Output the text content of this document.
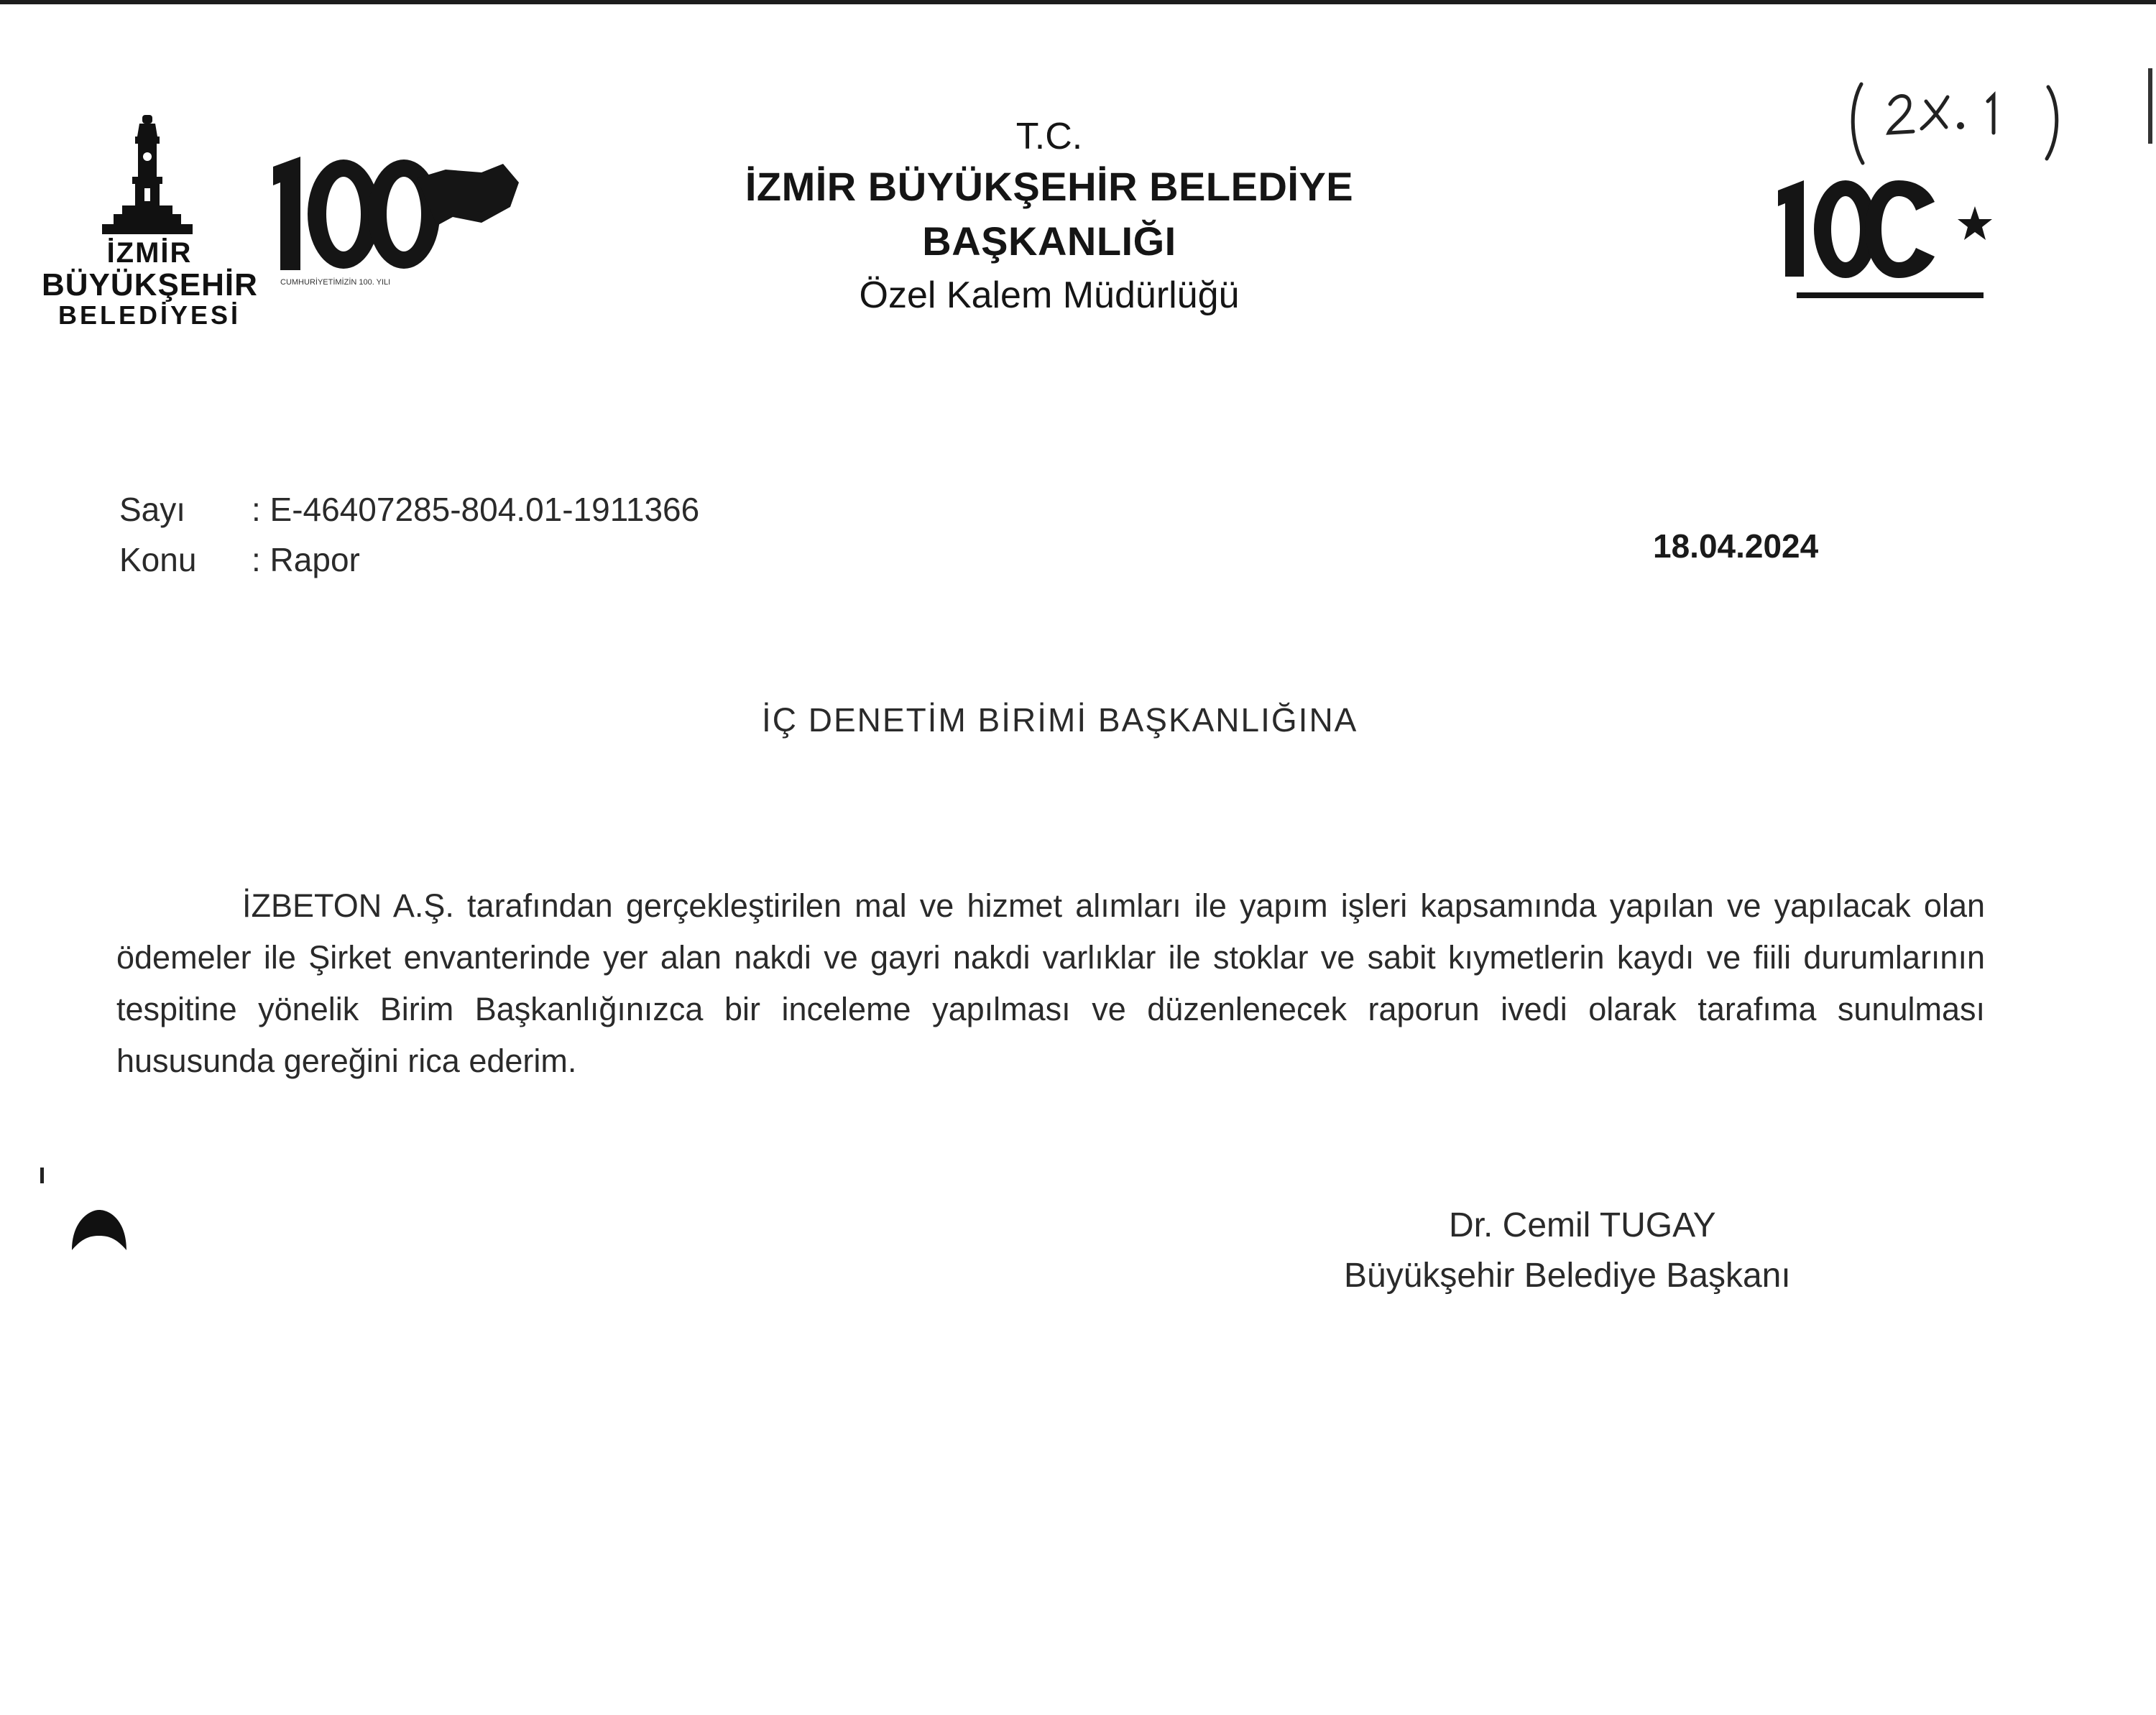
İZMİR
BÜYÜKŞEHİR
BELEDİYESİ
CUMHURİYETİMİZİN 100. YILI
T.C.
İZMİR BÜYÜKŞEHİR BELEDİYE BAŞKANLIĞI
Özel Kalem Müdürlüğü
Sayı : E-46407285-804.01-1911366
Konu : Rapor	18.04.2024
İÇ DENETİM BİRİMİ BAŞKANLIĞINA

İZBETON A.Ş. tarafından gerçekleştirilen mal ve hizmet alımları ile yapım işleri kapsamında yapılan ve yapılacak olan ödemeler ile Şirket envanterinde yer alan nakdi ve gayri nakdi varlıklar ile stoklar ve sabit kıymetlerin kaydı ve fiili durumlarının tespitine yönelik Birim Başkanlığınızca bir inceleme yapılması ve düzenlenecek raporun ivedi olarak tarafıma sunulması hususunda gereğini rica ederim.

Dr. Cemil TUGAY
Büyükşehir Belediye Başkanı
